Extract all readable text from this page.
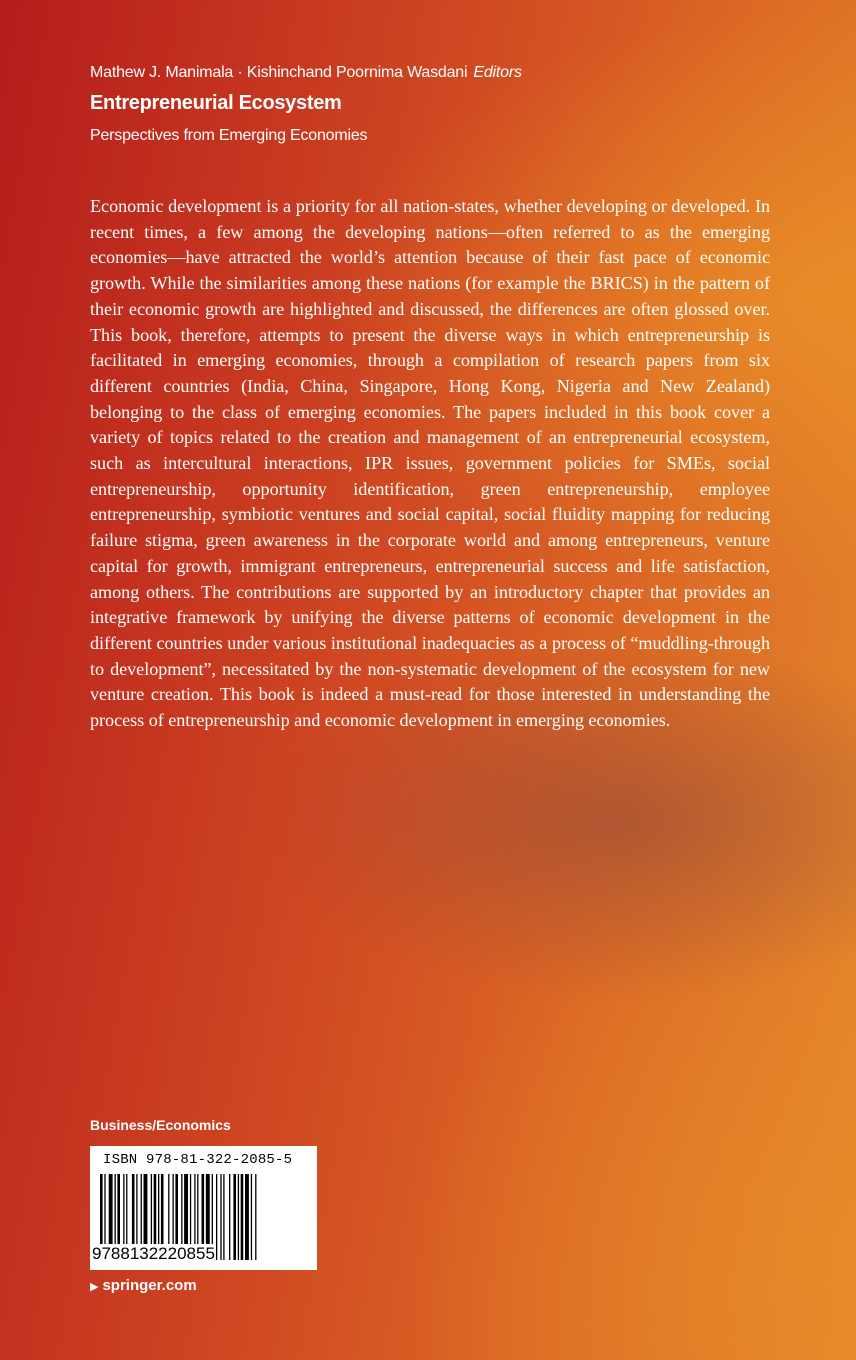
Mathew J. Manimala · Kishinchand Poornima Wasdani Editors
Entrepreneurial Ecosystem
Perspectives from Emerging Economies
Economic development is a priority for all nation-states, whether developing or developed. In recent times, a few among the developing nations—often referred to as the emerging economies—have attracted the world’s attention because of their fast pace of economic growth. While the similarities among these nations (for example the BRICS) in the pattern of their economic growth are highlighted and discussed, the differences are often glossed over. This book, therefore, attempts to present the diverse ways in which entrepreneurship is facilitated in emerging economies, through a compilation of research papers from six different countries (India, China, Singapore, Hong Kong, Nigeria and New Zealand) belonging to the class of emerging economies. The papers included in this book cover a variety of topics related to the creation and management of an entrepreneurial ecosystem, such as intercultural interactions, IPR issues, government policies for SMEs, social entrepreneurship, opportunity identification, green entrepreneurship, employee entrepreneurship, symbiotic ventures and social capital, social fluidity mapping for reducing failure stigma, green awareness in the corporate world and among entrepreneurs, venture capital for growth, immigrant entrepreneurs, entrepreneurial success and life satisfaction, among others. The contributions are supported by an introductory chapter that provides an integrative framework by unifying the diverse patterns of economic development in the different countries under various institutional inadequacies as a process of “muddling-through to development”, necessitated by the non-systematic development of the ecosystem for new venture creation. This book is indeed a must-read for those interested in understanding the process of entrepreneurship and economic development in emerging economies.
Business/Economics
ISBN 978-81-322-2085-5
9788132220855
▶ springer.com
